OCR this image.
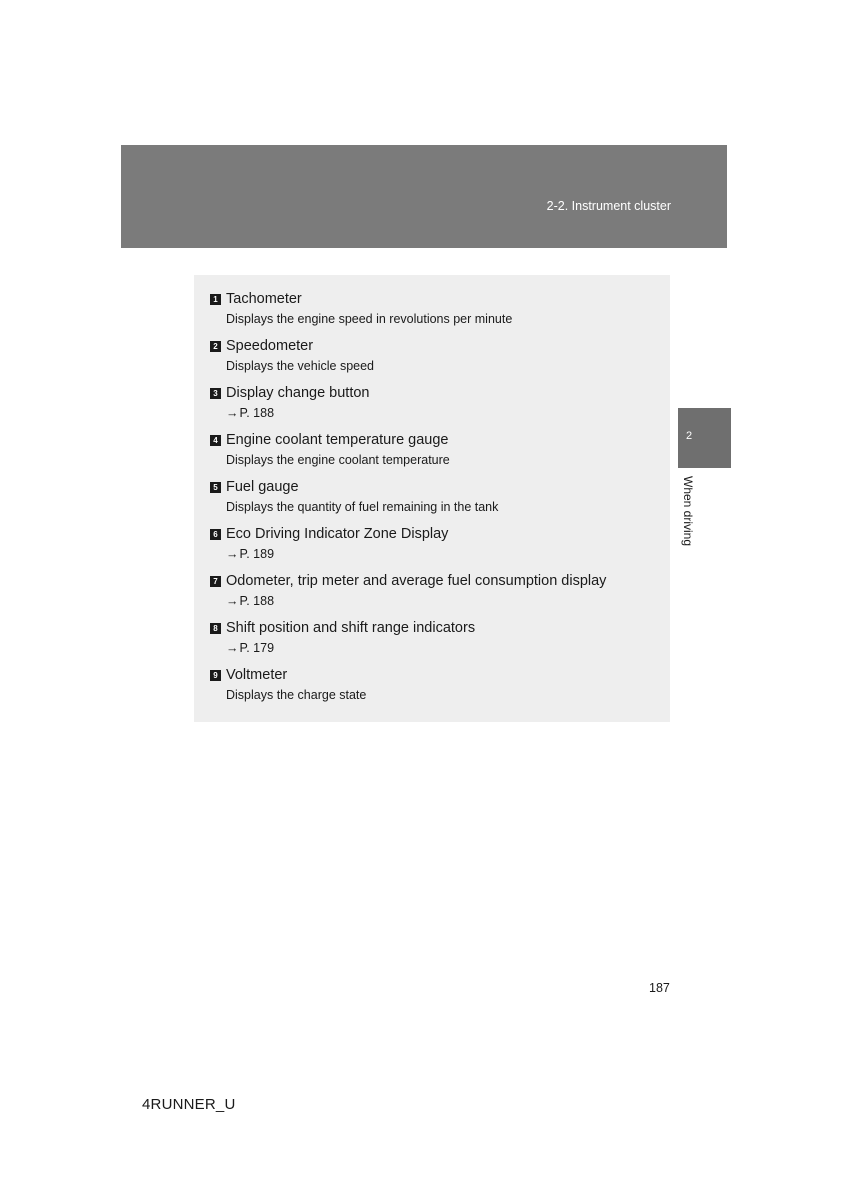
2-2. Instrument cluster
2
When driving
1 Tachometer
Displays the engine speed in revolutions per minute
2 Speedometer
Displays the vehicle speed
3 Display change button
→P. 188
4 Engine coolant temperature gauge
Displays the engine coolant temperature
5 Fuel gauge
Displays the quantity of fuel remaining in the tank
6 Eco Driving Indicator Zone Display
→P. 189
7 Odometer, trip meter and average fuel consumption display
→P. 188
8 Shift position and shift range indicators
→P. 179
9 Voltmeter
Displays the charge state
187
4RUNNER_U
